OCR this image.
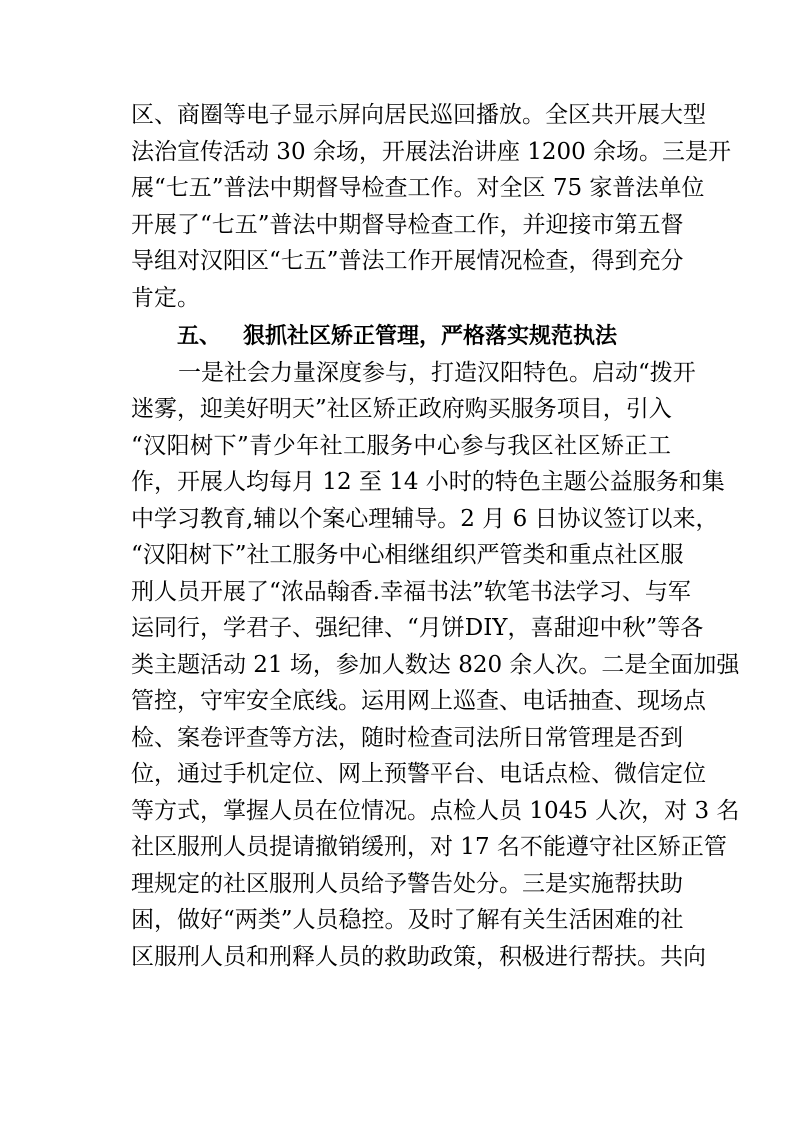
区、商圈等电子显示屏向居民巡回播放。全区共开展大型
法治宣传活动 30 余场，开展法治讲座 1200 余场。三是开
展“七五”普法中期督导检查工作。对全区 75 家普法单位
开展了“七五”普法中期督导检查工作，并迎接市第五督
导组对汉阳区“七五”普法工作开展情况检查，得到充分
肯定。
五、 狠抓社区矫正管理，严格落实规范执法
一是社会力量深度参与，打造汉阳特色。启动“拨开
迷雾，迎美好明天”社区矫正政府购买服务项目，引入
“汉阳树下”青少年社工服务中心参与我区社区矫正工
作，开展人均每月 12 至 14 小时的特色主题公益服务和集
中学习教育,辅以个案心理辅导。2 月 6 日协议签订以来，
“汉阳树下”社工服务中心相继组织严管类和重点社区服
刑人员开展了“浓品翰香.幸福书法”软笔书法学习、与军
运同行，学君子、强纪律、“月饼DIY，喜甜迎中秋”等各
类主题活动 21 场，参加人数达 820 余人次。二是全面加强
管控，守牢安全底线。运用网上巡查、电话抽查、现场点
检、案卷评查等方法，随时检查司法所日常管理是否到
位，通过手机定位、网上预警平台、电话点检、微信定位
等方式，掌握人员在位情况。点检人员 1045 人次，对 3 名
社区服刑人员提请撤销缓刑，对 17 名不能遵守社区矫正管
理规定的社区服刑人员给予警告处分。三是实施帮扶助
困，做好“两类”人员稳控。及时了解有关生活困难的社
区服刑人员和刑释人员的救助政策，积极进行帮扶。共向
